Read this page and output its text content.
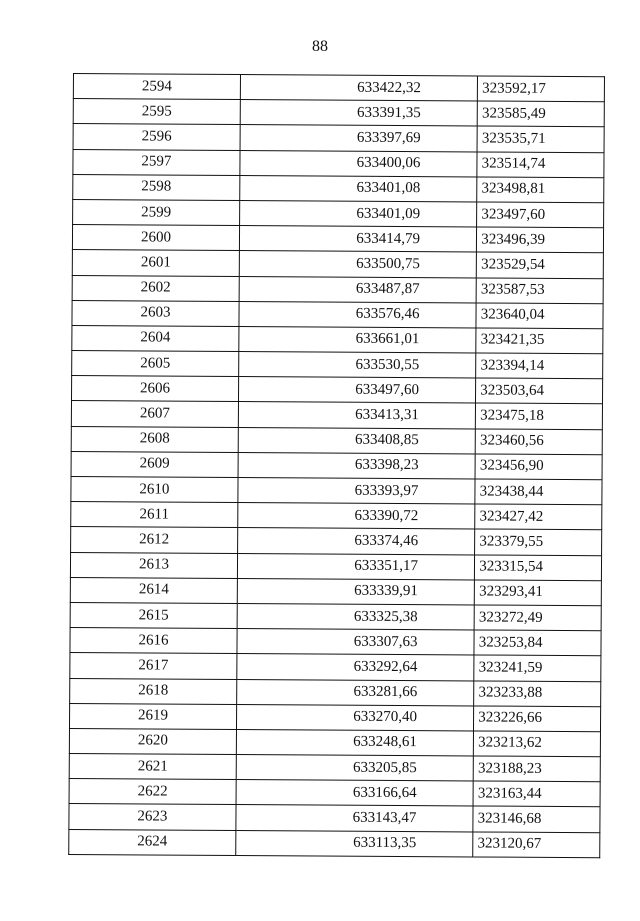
88
2594	633422,32	323592,17
2595	633391,35	323585,49
2596	633397,69	323535,71
2597	633400,06	323514,74
2598	633401,08	323498,81
2599	633401,09	323497,60
2600	633414,79	323496,39
2601	633500,75	323529,54
2602	633487,87	323587,53
2603	633576,46	323640,04
2604	633661,01	323421,35
2605	633530,55	323394,14
2606	633497,60	323503,64
2607	633413,31	323475,18
2608	633408,85	323460,56
2609	633398,23	323456,90
2610	633393,97	323438,44
2611	633390,72	323427,42
2612	633374,46	323379,55
2613	633351,17	323315,54
2614	633339,91	323293,41
2615	633325,38	323272,49
2616	633307,63	323253,84
2617	633292,64	323241,59
2618	633281,66	323233,88
2619	633270,40	323226,66
2620	633248,61	323213,62
2621	633205,85	323188,23
2622	633166,64	323163,44
2623	633143,47	323146,68
2624	633113,35	323120,67
